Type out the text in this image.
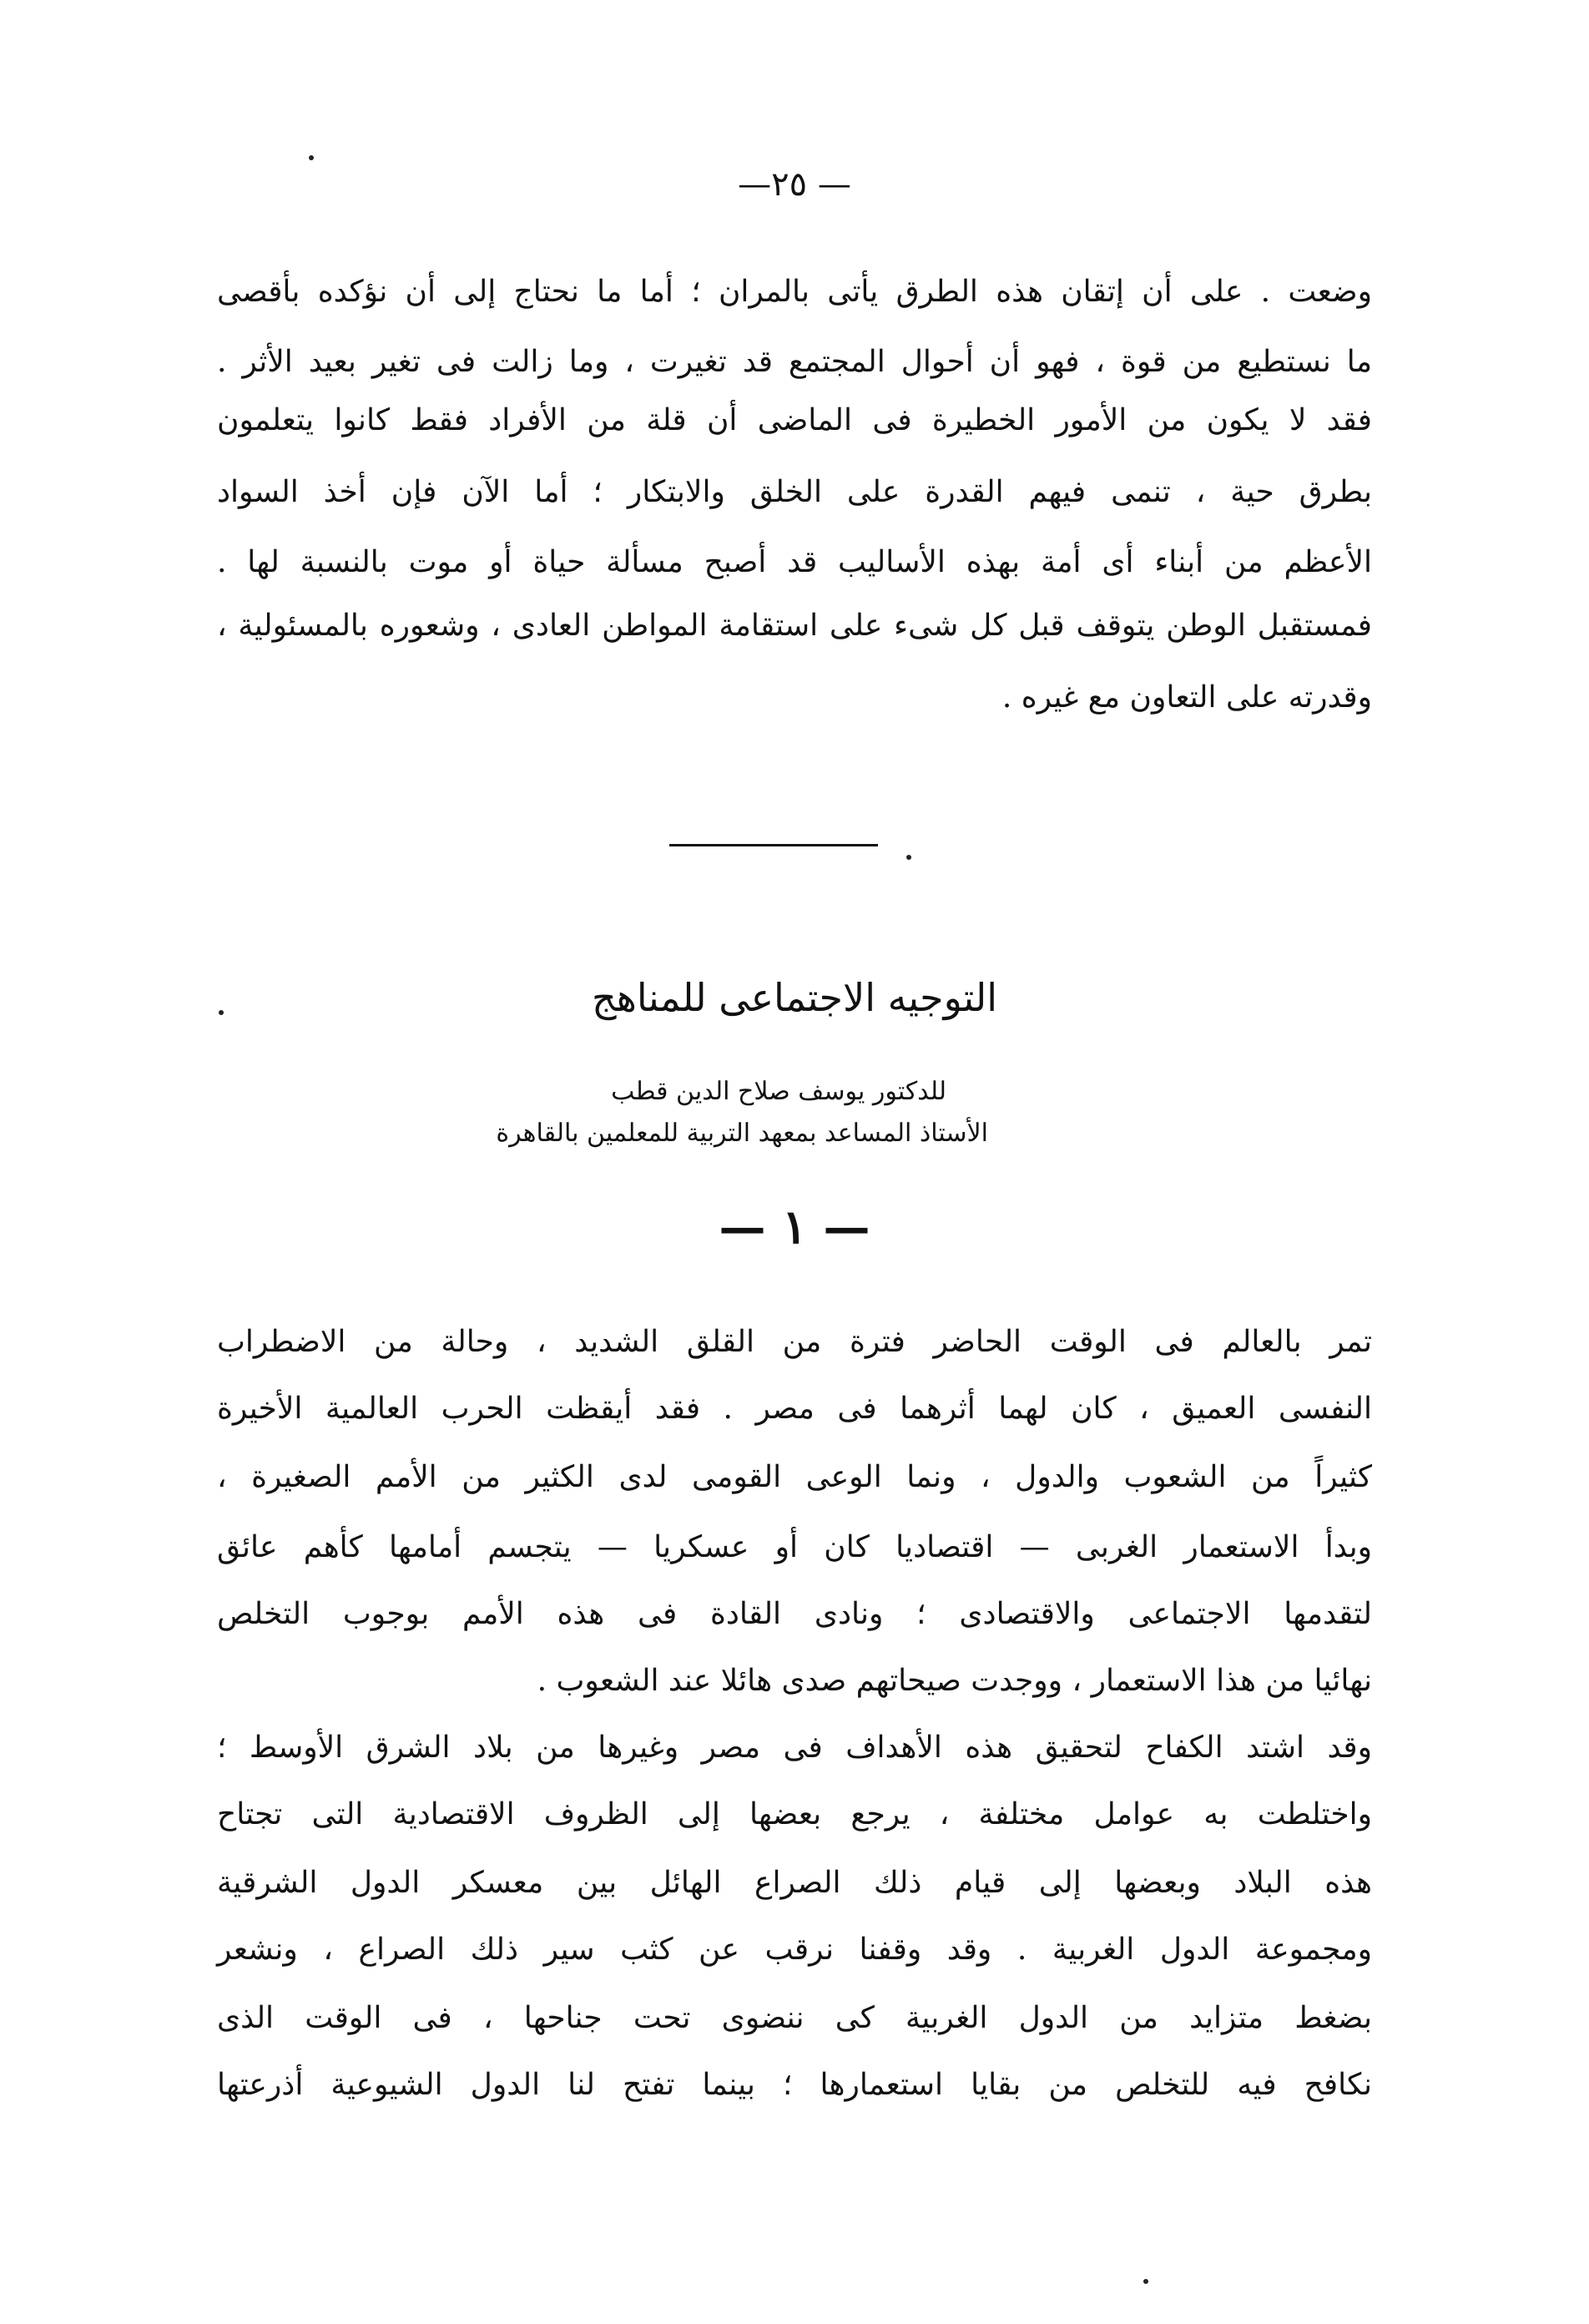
—٢٥ —
وضعت . على أن إتقان هذه الطرق يأتى بالمران ؛ أما ما نحتاج إلى أن نؤكده بأقصى
ما نستطيع من قوة ، فهو أن أحوال المجتمع قد تغيرت ، وما زالت فى تغير بعيد الأثر .
فقد لا يكون من الأمور الخطيرة فى الماضى أن قلة من الأفراد فقط كانوا يتعلمون
بطرق حية ، تنمى فيهم القدرة على الخلق والابتكار ؛ أما الآن فإن أخذ السواد
الأعظم من أبناء أى أمة بهذه الأساليب قد أصبح مسألة حياة أو موت بالنسبة لها .
فمستقبل الوطن يتوقف قبل كل شىء على استقامة المواطن العادى ، وشعوره بالمسئولية ،
وقدرته على التعاون مع غيره .
التوجيه الاجتماعى للمناهج
للدكتور يوسف صلاح الدين قطب
الأستاذ المساعد بمعهد التربية للمعلمين بالقاهرة
— ١ —
تمر بالعالم فى الوقت الحاضر فترة من القلق الشديد ، وحالة من الاضطراب
النفسى العميق ، كان لهما أثرهما فى مصر . فقد أيقظت الحرب العالمية الأخيرة
كثيراً من الشعوب والدول ، ونما الوعى القومى لدى الكثير من الأمم الصغيرة ،
وبدأ الاستعمار الغربى — اقتصاديا كان أو عسكريا — يتجسم أمامها كأهم عائق
لتقدمها الاجتماعى والاقتصادى ؛ ونادى القادة فى هذه الأمم بوجوب التخلص
نهائيا من هذا الاستعمار ، ووجدت صيحاتهم صدى هائلا عند الشعوب .
وقد اشتد الكفاح لتحقيق هذه الأهداف فى مصر وغيرها من بلاد الشرق الأوسط ؛
واختلطت به عوامل مختلفة ، يرجع بعضها إلى الظروف الاقتصادية التى تجتاح
هذه البلاد وبعضها إلى قيام ذلك الصراع الهائل بين معسكر الدول الشرقية
ومجموعة الدول الغربية . وقد وقفنا نرقب عن كثب سير ذلك الصراع ، ونشعر
بضغط متزايد من الدول الغربية كى ننضوى تحت جناحها ، فى الوقت الذى
نكافح فيه للتخلص من بقايا استعمارها ؛ بينما تفتح لنا الدول الشيوعية أذرعتها
